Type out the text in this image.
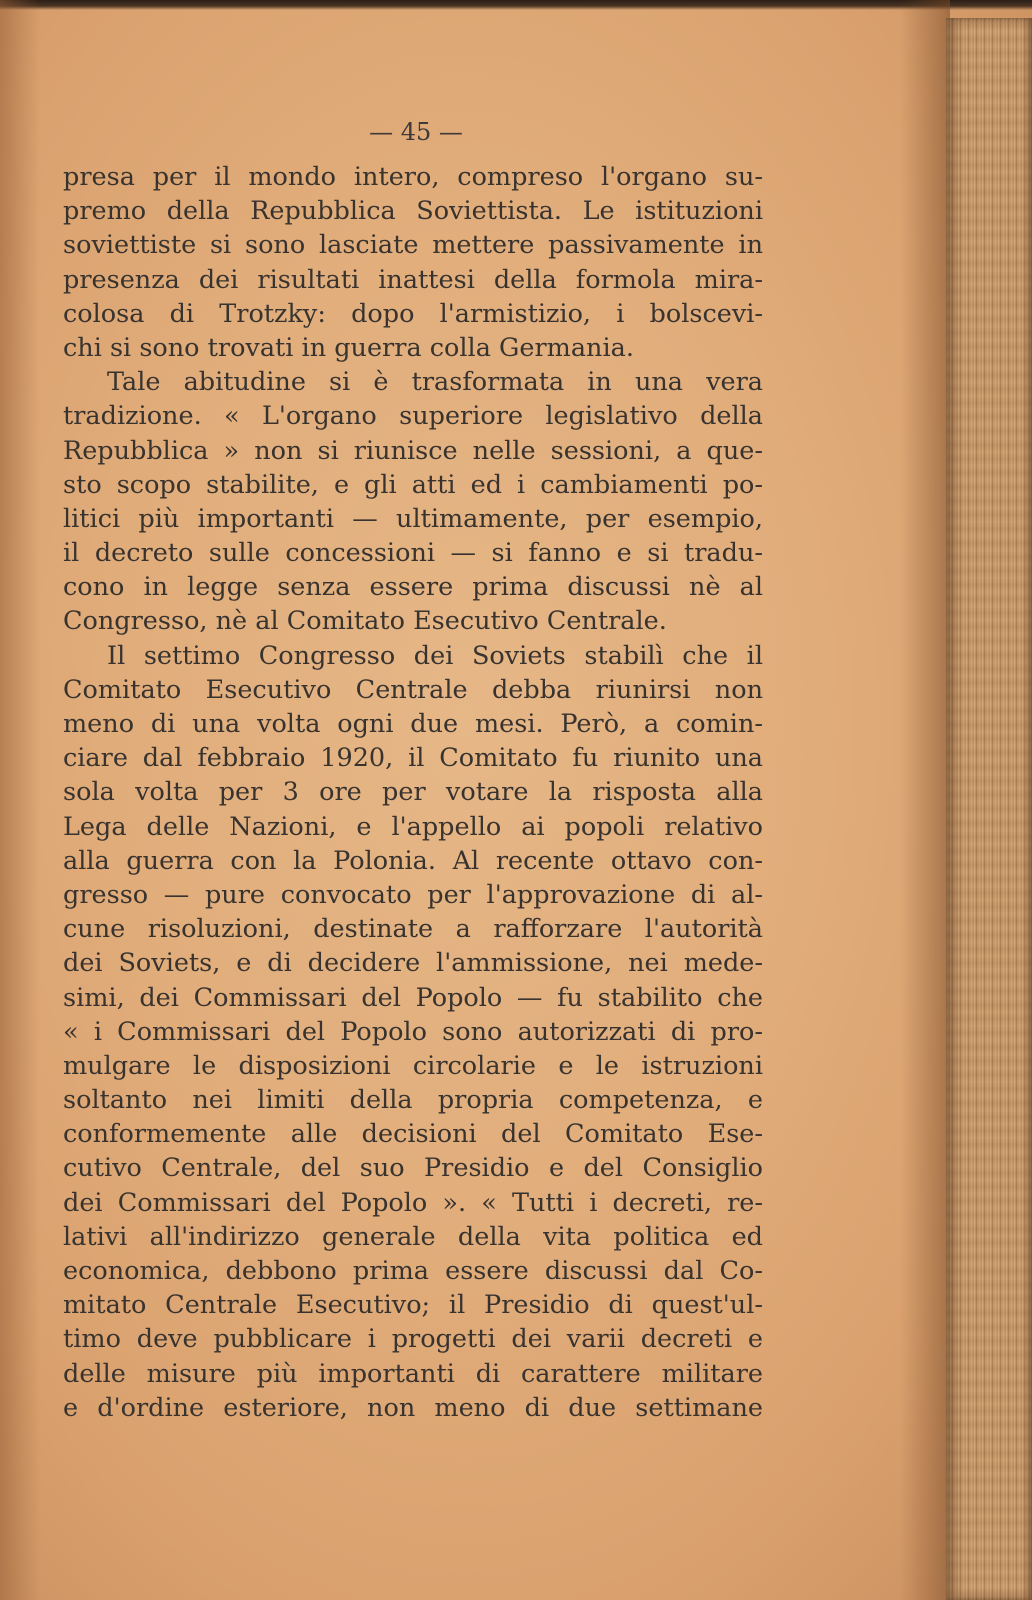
— 45 —
presa per il mondo intero, compreso l'organo su-
premo della Repubblica Soviettista. Le istituzioni
soviettiste si sono lasciate mettere passivamente in
presenza dei risultati inattesi della formola mira-
colosa di Trotzky: dopo l'armistizio, i bolscevi-
chi si sono trovati in guerra colla Germania.
Tale abitudine si è trasformata in una vera
tradizione. « L'organo superiore legislativo della
Repubblica » non si riunisce nelle sessioni, a que-
sto scopo stabilite, e gli atti ed i cambiamenti po-
litici più importanti — ultimamente, per esempio,
il decreto sulle concessioni — si fanno e si tradu-
cono in legge senza essere prima discussi nè al
Congresso, nè al Comitato Esecutivo Centrale.
Il settimo Congresso dei Soviets stabilì che il
Comitato Esecutivo Centrale debba riunirsi non
meno di una volta ogni due mesi. Però, a comin-
ciare dal febbraio 1920, il Comitato fu riunito una
sola volta per 3 ore per votare la risposta alla
Lega delle Nazioni, e l'appello ai popoli relativo
alla guerra con la Polonia. Al recente ottavo con-
gresso — pure convocato per l'approvazione di al-
cune risoluzioni, destinate a rafforzare l'autorità
dei Soviets, e di decidere l'ammissione, nei mede-
simi, dei Commissari del Popolo — fu stabilito che
« i Commissari del Popolo sono autorizzati di pro-
mulgare le disposizioni circolarie e le istruzioni
soltanto nei limiti della propria competenza, e
conformemente alle decisioni del Comitato Ese-
cutivo Centrale, del suo Presidio e del Consiglio
dei Commissari del Popolo ». « Tutti i decreti, re-
lativi all'indirizzo generale della vita politica ed
economica, debbono prima essere discussi dal Co-
mitato Centrale Esecutivo; il Presidio di quest'ul-
timo deve pubblicare i progetti dei varii decreti e
delle misure più importanti di carattere militare
e d'ordine esteriore, non meno di due settimane
